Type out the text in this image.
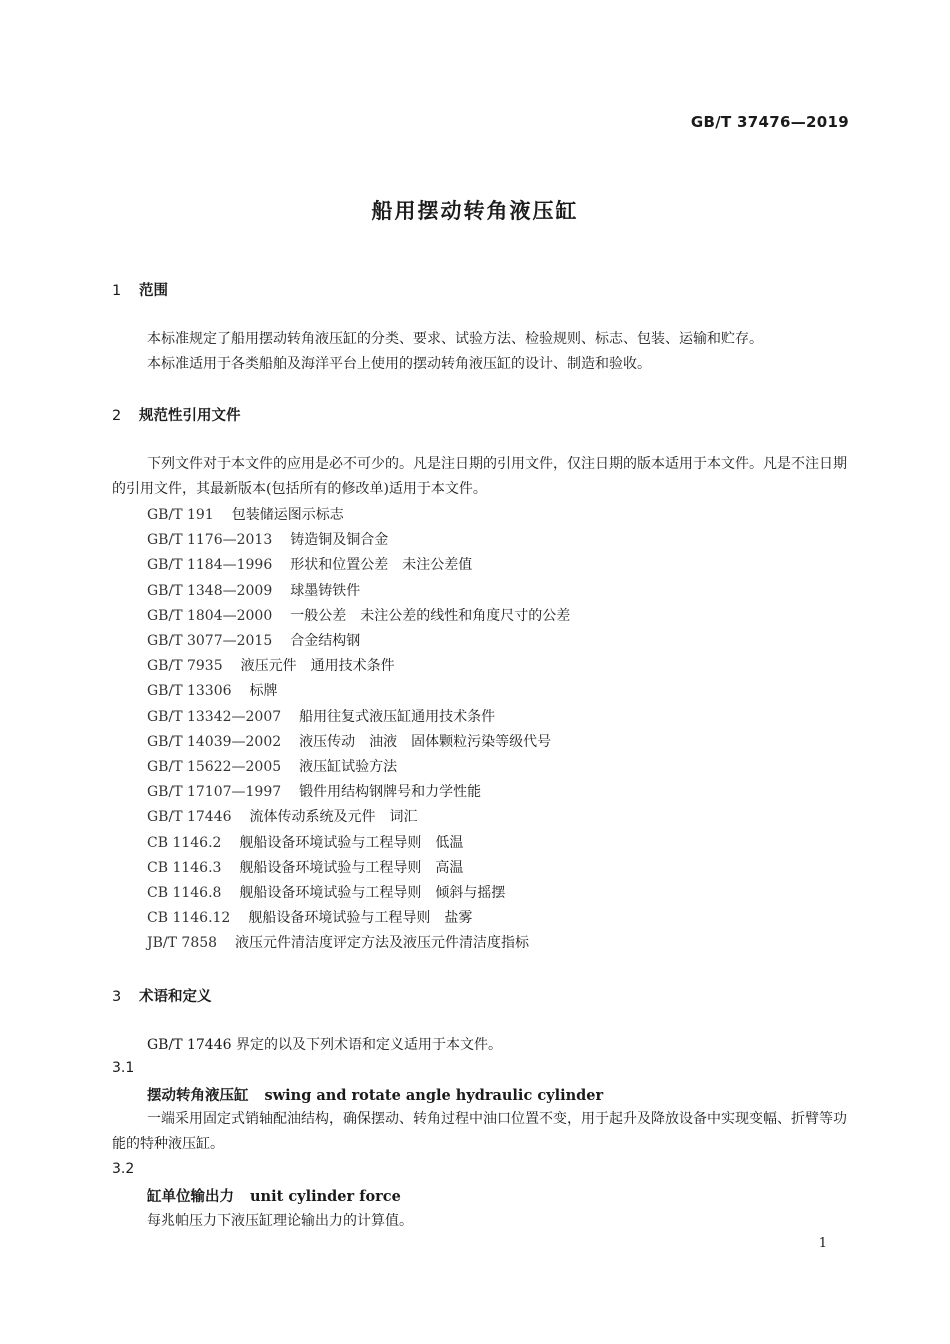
GB/T 37476—2019
船用摆动转角液压缸
1 范围
本标准规定了船用摆动转角液压缸的分类、要求、试验方法、检验规则、标志、包装、运输和贮存。
本标准适用于各类船舶及海洋平台上使用的摆动转角液压缸的设计、制造和验收。
2 规范性引用文件
下列文件对于本文件的应用是必不可少的。凡是注日期的引用文件，仅注日期的版本适用于本文件。凡是不注日期的引用文件，其最新版本(包括所有的修改单)适用于本文件。
GB/T 191 包装储运图示标志
GB/T 1176—2013 铸造铜及铜合金
GB/T 1184—1996 形状和位置公差　未注公差值
GB/T 1348—2009 球墨铸铁件
GB/T 1804—2000 一般公差　未注公差的线性和角度尺寸的公差
GB/T 3077—2015 合金结构钢
GB/T 7935 液压元件　通用技术条件
GB/T 13306 标牌
GB/T 13342—2007 船用往复式液压缸通用技术条件
GB/T 14039—2002 液压传动　油液　固体颗粒污染等级代号
GB/T 15622—2005 液压缸试验方法
GB/T 17107—1997 锻件用结构钢牌号和力学性能
GB/T 17446 流体传动系统及元件　词汇
CB 1146.2 舰船设备环境试验与工程导则　低温
CB 1146.3 舰船设备环境试验与工程导则　高温
CB 1146.8 舰船设备环境试验与工程导则　倾斜与摇摆
CB 1146.12 舰船设备环境试验与工程导则　盐雾
JB/T 7858 液压元件清洁度评定方法及液压元件清洁度指标
3 术语和定义
GB/T 17446 界定的以及下列术语和定义适用于本文件。
3.1
摆动转角液压缸 swing and rotate angle hydraulic cylinder
一端采用固定式销轴配油结构，确保摆动、转角过程中油口位置不变，用于起升及降放设备中实现变幅、折臂等功能的特种液压缸。
3.2
缸单位输出力 unit cylinder force
每兆帕压力下液压缸理论输出力的计算值。
1
